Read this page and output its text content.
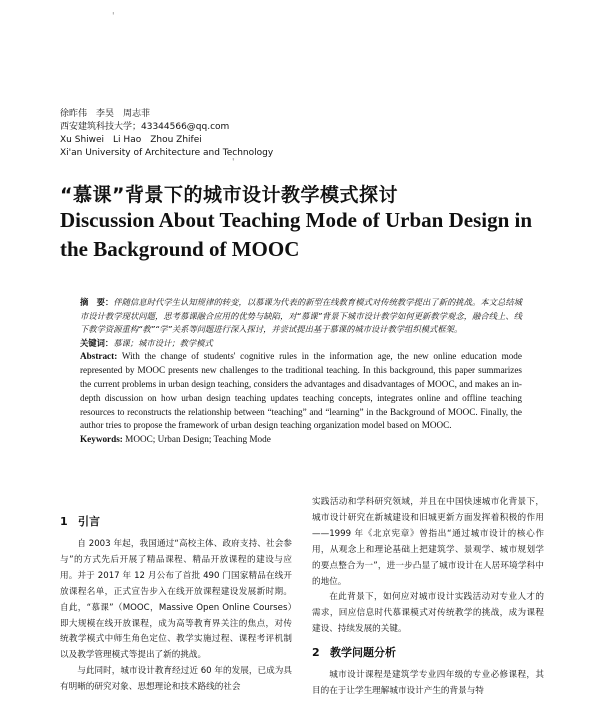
'
徐昨伟　李昊　周志菲
西安建筑科技大学；43344566@qq.com
Xu Shiwei　Li Hao　Zhou Zhifei
Xi'an University of Architecture and Technology
'
“慕课”背景下的城市设计教学模式探讨
Discussion About Teaching Mode of Urban Design in the Background of MOOC
摘　要：伴随信息时代学生认知规律的转变，以慕课为代表的新型在线教育模式对传统教学提出了新的挑战。本文总结城市设计教学现状问题，思考慕课融合应用的优势与缺陷，对“慕课”背景下城市设计教学如何更新教学观念，融合线上、线下教学资源重构“教”“学”关系等问题进行深入探讨，并尝试提出基于慕课的城市设计教学组织模式框架。
关键词：慕课；城市设计；教学模式
Abstract: With the change of students' cognitive rules in the information age, the new online education mode represented by MOOC presents new challenges to the traditional teaching. In this background, this paper summarizes the current problems in urban design teaching, considers the advantages and disadvantages of MOOC, and makes an in-depth discussion on how urban design teaching updates teaching concepts, integrates online and offline teaching resources to reconstructs the relationship between “teaching” and “learning” in the Background of MOOC. Finally, the author tries to propose the framework of urban design teaching organization model based on MOOC.
Keywords: MOOC; Urban Design; Teaching Mode
1 引言

自 2003 年起，我国通过“高校主体、政府支持、社会参与”的方式先后开展了精品课程、精品开放课程的建设与应用。并于 2017 年 12 月公布了首批 490 门国家精品在线开放课程名单，正式宣告步入在线开放课程建设发展新时期。自此，“慕课”（MOOC，Massive Open Online Courses）即大规模在线开放课程，成为高等教育界关注的焦点，对传统教学模式中师生角色定位、教学实施过程、课程考评机制以及教学管理模式等提出了新的挑战。

与此同时，城市设计教育经过近 60 年的发展，已成为具有明晰的研究对象、思想理论和技术路线的社会

实践活动和学科研究领域，并且在中国快速城市化背景下，城市设计研究在新城建设和旧城更新方面发挥着积极的作用——1999 年《北京宪章》曾指出“通过城市设计的核心作用，从观念上和理论基础上把建筑学、景观学、城市规划学的要点整合为一”，进一步凸显了城市设计在人居环境学科中的地位。

在此背景下，如何应对城市设计实践活动对专业人才的需求，回应信息时代慕课模式对传统教学的挑战，成为课程建设、持续发展的关键。

2 教学问题分析

城市设计课程是建筑学专业四年级的专业必修课程，其目的在于让学生理解城市设计产生的背景与特
